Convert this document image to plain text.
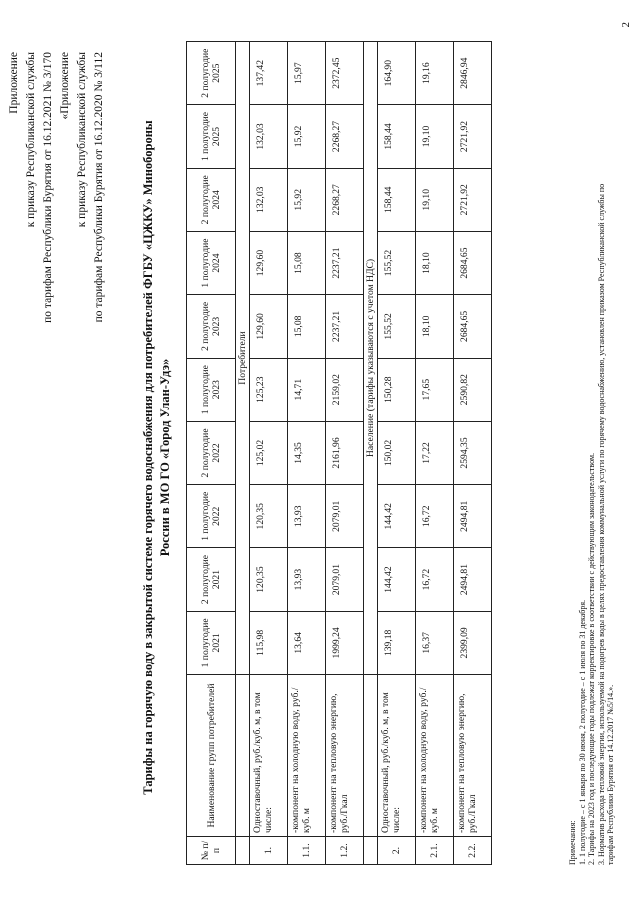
Приложение к приказу Республиканской службы по тарифам Республики Бурятия от 16.12.2021 № 3/170 «Приложение к приказу Республиканской службы по тарифам Республики Бурятия от 16.12.2020 № 3/112
2
Тарифы на горячую воду в закрытой системе горячего водоснабжения для потребителей ФГБУ «ЦЖКУ» Минобороны России в МО ГО «Город Улан-Удэ»
№ п/п	Наименование групп потребителей	1 полугодие 2021	2 полугодие 2021	1 полугодие 2022	2 полугодие 2022	1 полугодие 2023	2 полугодие 2023	1 полугодие 2024	2 полугодие 2024	1 полугодие 2025	2 полугодие 2025
		Потребители									
1.	Одноставочный, руб./куб. м, в том числе:	115,98	120,35	120,35	125,02	125,23	129,60	129,60	132,03	132,03	137,42
1.1.	-компонент на холодную воду, руб./куб. м	13,64	13,93	13,93	14,35	14,71	15,08	15,08	15,92	15,92	15,97
1.2.	-компонент на тепловую энергию, руб./Гкал	1999,24	2079,01	2079,01	2161,96	2159,02	2237,21	2237,21	2268,27	2268,27	2372,45
		Население (тарифы указываются с учетом НДС)									
2.	Одноставочный, руб./куб. м, в том числе:	139,18	144,42	144,42	150,02	150,28	155,52	155,52	158,44	158,44	164,90
2.1.	-компонент на холодную воду, руб./куб. м	16,37	16,72	16,72	17,22	17,65	18,10	18,10	19,10	19,10	19,16
2.2.	-компонент на тепловую энергию, руб./Гкал	2399,09	2494,81	2494,81	2594,35	2590,82	2684,65	2684,65	2721,92	2721,92	2846,94
Примечания: 1. 1 полугодие – с 1 января по 30 июня, 2 полугодие – с 1 июля по 31 декабря. 2. Тарифы на 2023 год и последующие годы подлежат корректировке в соответствии с действующим законодательством. 3. Норматив расхода тепловой энергии, используемой на подогрев воды в целях предоставления коммунальной услуги по горячему водоснабжению, установлен приказом Республиканской службы по тарифам Республики Бурятия от 14.12.2017 №5/14.».
